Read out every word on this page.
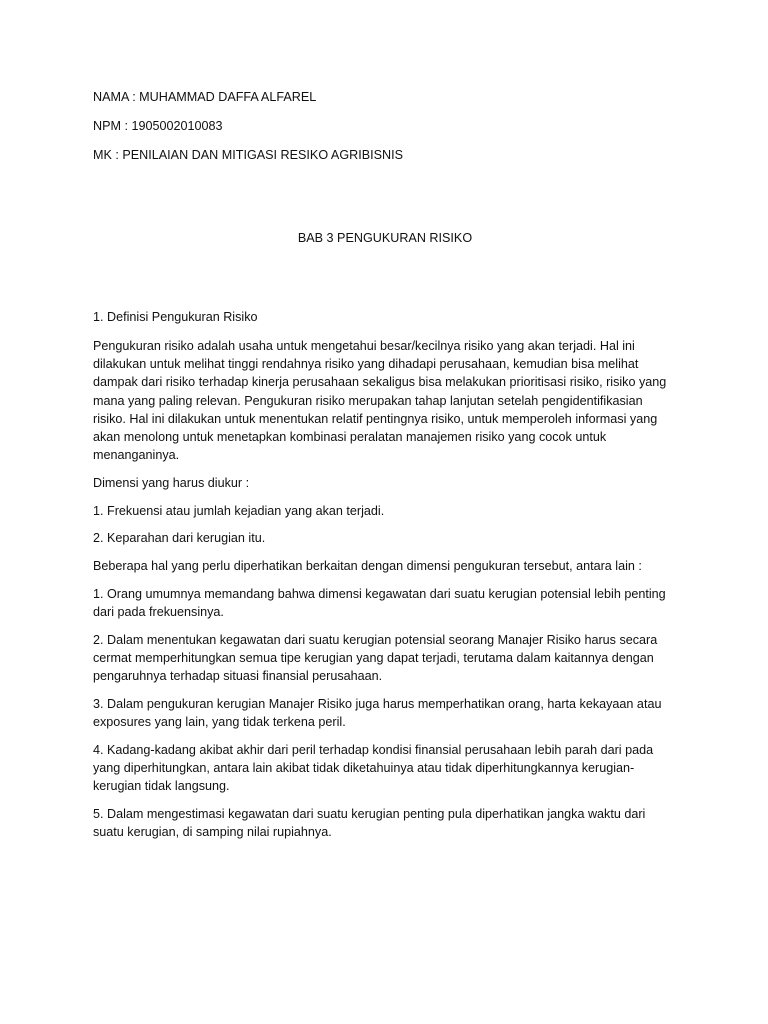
NAMA : MUHAMMAD DAFFA ALFAREL

NPM : 1905002010083

MK : PENILAIAN DAN MITIGASI RESIKO AGRIBISNIS

BAB 3 PENGUKURAN RISIKO

1. Definisi Pengukuran Risiko

Pengukuran risiko adalah usaha untuk mengetahui besar/kecilnya risiko yang akan terjadi. Hal ini dilakukan untuk melihat tinggi rendahnya risiko yang dihadapi perusahaan, kemudian bisa melihat dampak dari risiko terhadap kinerja perusahaan sekaligus bisa melakukan prioritisasi risiko, risiko yang mana yang paling relevan. Pengukuran risiko merupakan tahap lanjutan setelah pengidentifikasian risiko. Hal ini dilakukan untuk menentukan relatif pentingnya risiko, untuk memperoleh informasi yang akan menolong untuk menetapkan kombinasi peralatan manajemen risiko yang cocok untuk menanganinya.

Dimensi yang harus diukur :

1. Frekuensi atau jumlah kejadian yang akan terjadi.

2. Keparahan dari kerugian itu.

Beberapa hal yang perlu diperhatikan berkaitan dengan dimensi pengukuran tersebut, antara lain :

1. Orang umumnya memandang bahwa dimensi kegawatan dari suatu kerugian potensial lebih penting dari pada frekuensinya.

2. Dalam menentukan kegawatan dari suatu kerugian potensial seorang Manajer Risiko harus secara cermat memperhitungkan semua tipe kerugian yang dapat terjadi, terutama dalam kaitannya dengan pengaruhnya terhadap situasi finansial perusahaan.

3. Dalam pengukuran kerugian Manajer Risiko juga harus memperhatikan orang, harta kekayaan atau exposures yang lain, yang tidak terkena peril.

4. Kadang-kadang akibat akhir dari peril terhadap kondisi finansial perusahaan lebih parah dari pada yang diperhitungkan, antara lain akibat tidak diketahuinya atau tidak diperhitungkannya kerugian-kerugian tidak langsung.

5. Dalam mengestimasi kegawatan dari suatu kerugian penting pula diperhatikan jangka waktu dari suatu kerugian, di samping nilai rupiahnya.
